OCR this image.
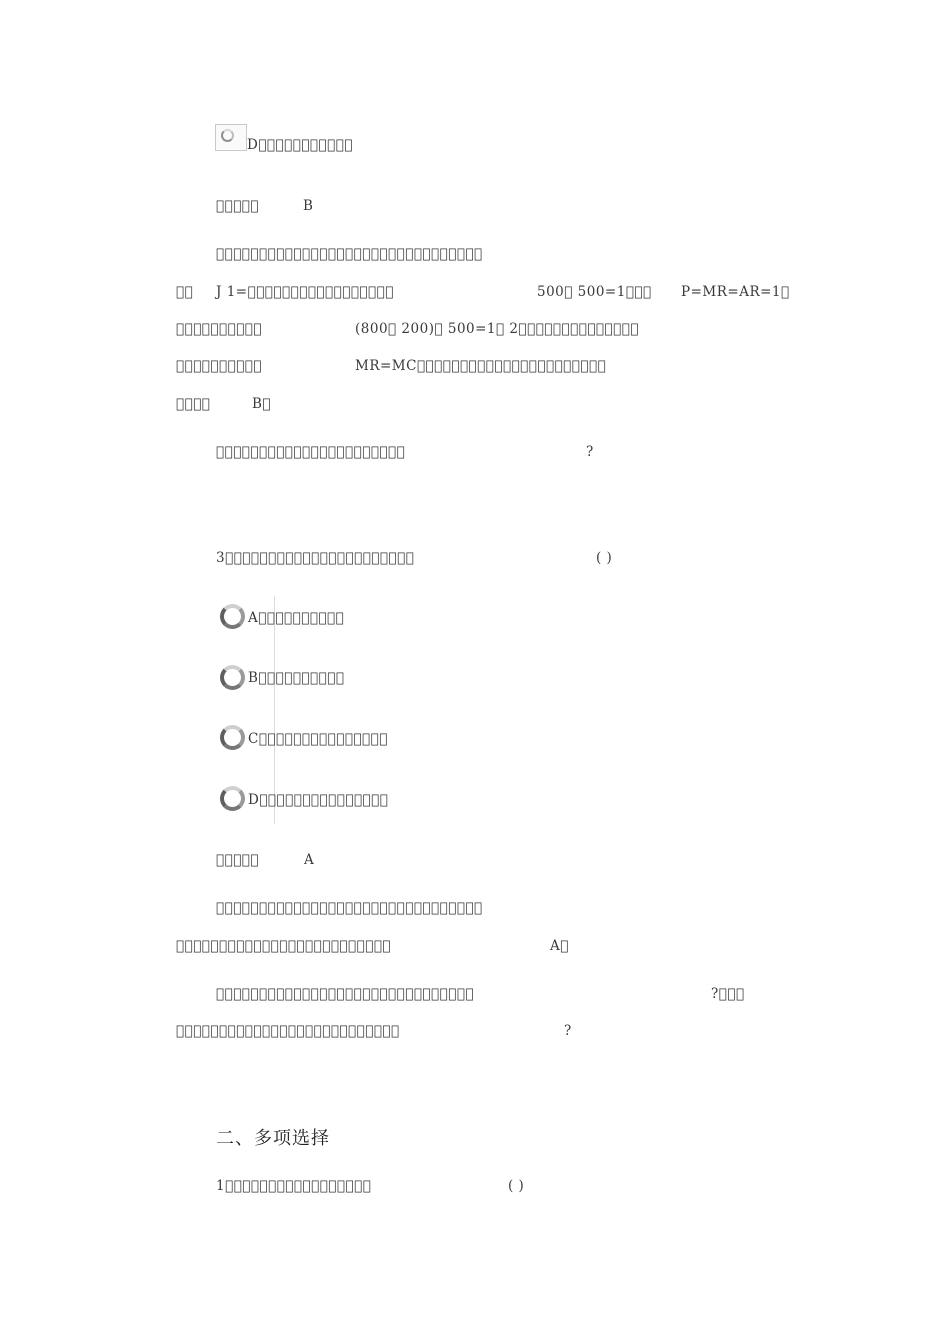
D           
     	B
                               
   J 1=                 	500  500=1    P=MR=AR=1 
          	(800  200)  500=1  2              
          	MR=MC                      
    	B 
                      	?
3                      	( )
A          
B          
C               
D               
     	A
                               
                         	A 
                              	?   
                          	?
二、多项选择
1                 	( )
